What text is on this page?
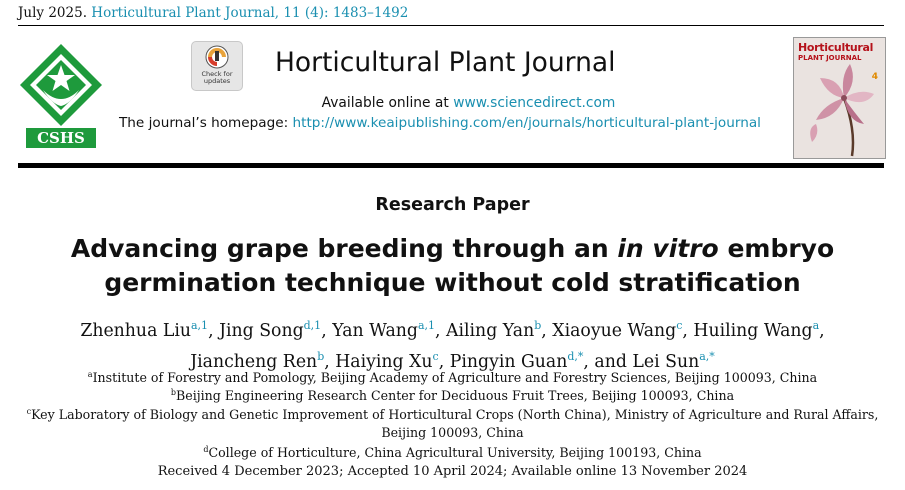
July 2025. Horticultural Plant Journal, 11 (4): 1483–1492
CSHS
Check for
updates
Horticultural Plant Journal
Available online at www.sciencedirect.com
The journal’s homepage: http://www.keaipublishing.com/en/journals/horticultural-plant-journal
Horticultural
PLANT JOURNAL
4
Research Paper
Advancing grape breeding through an in vitro embryo germination technique without cold stratification
Zhenhua Liu$^{a,1}$, Jing Song$^{d,1}$, Yan Wang$^{a,1}$, Ailing Yan$^b$, Xiaoyue Wang$^c$, Huiling Wang$^a$,
Jiancheng Ren$^b$, Haiying Xu$^c$, Pingyin Guan$^{d,*}$, and Lei Sun$^{a,*}$
$^a$Institute of Forestry and Pomology, Beijing Academy of Agriculture and Forestry Sciences, Beijing 100093, China
$^b$Beijing Engineering Research Center for Deciduous Fruit Trees, Beijing 100093, China
$^c$Key Laboratory of Biology and Genetic Improvement of Horticultural Crops (North China), Ministry of Agriculture and Rural Affairs, Beijing 100093, China
$^d$College of Horticulture, China Agricultural University, Beijing 100193, China
Received 4 December 2023; Accepted 10 April 2024; Available online 13 November 2024
